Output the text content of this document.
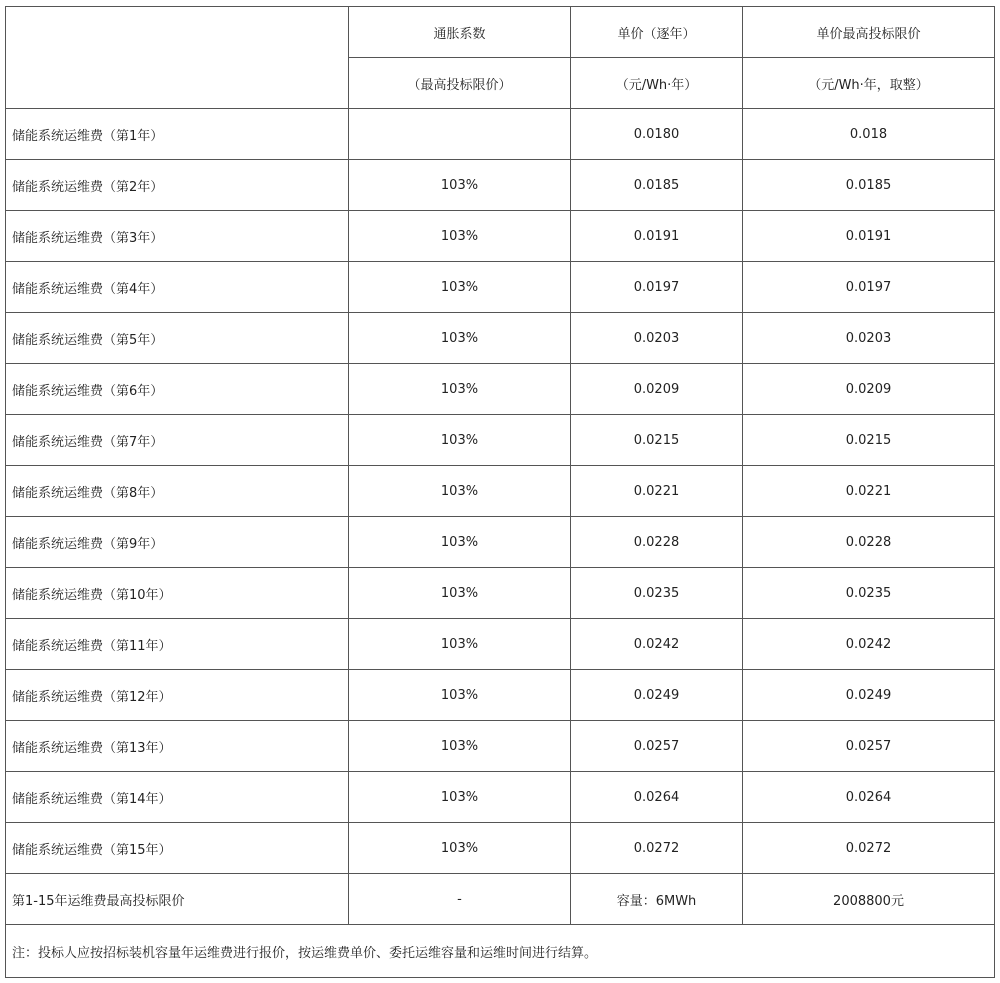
	通胀系数	单价（逐年）	单价最高投标限价
	（最高投标限价）	（元/Wh·年）	（元/Wh·年，取整）
储能系统运维费（第1年）		0.0180	0.018
储能系统运维费（第2年）	103%	0.0185	0.0185
储能系统运维费（第3年）	103%	0.0191	0.0191
储能系统运维费（第4年）	103%	0.0197	0.0197
储能系统运维费（第5年）	103%	0.0203	0.0203
储能系统运维费（第6年）	103%	0.0209	0.0209
储能系统运维费（第7年）	103%	0.0215	0.0215
储能系统运维费（第8年）	103%	0.0221	0.0221
储能系统运维费（第9年）	103%	0.0228	0.0228
储能系统运维费（第10年）	103%	0.0235	0.0235
储能系统运维费（第11年）	103%	0.0242	0.0242
储能系统运维费（第12年）	103%	0.0249	0.0249
储能系统运维费（第13年）	103%	0.0257	0.0257
储能系统运维费（第14年）	103%	0.0264	0.0264
储能系统运维费（第15年）	103%	0.0272	0.0272
第1-15年运维费最高投标限价	-	容量：6MWh	2008800元
注：投标人应按招标装机容量年运维费进行报价，按运维费单价、委托运维容量和运维时间进行结算。			
